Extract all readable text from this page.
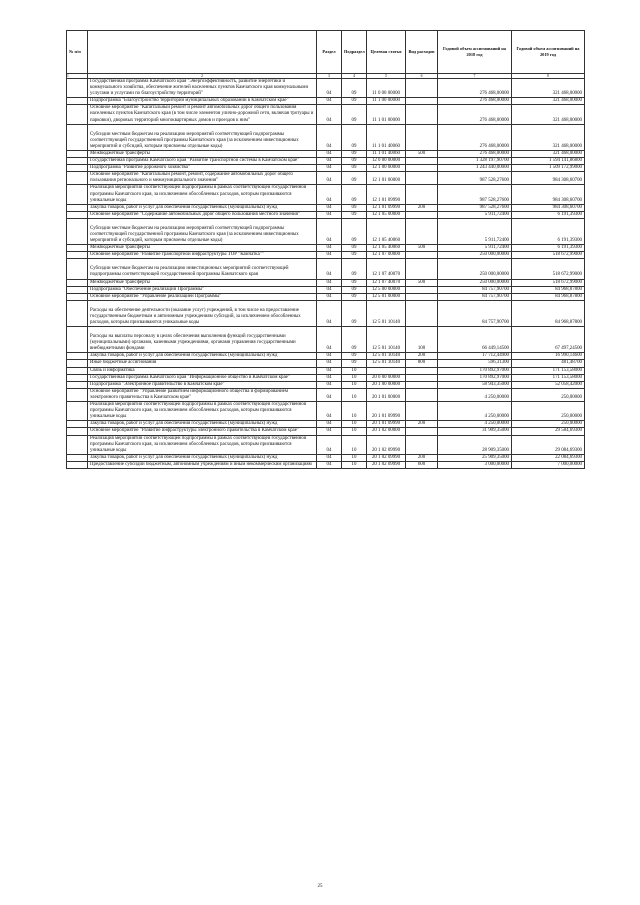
№ п/п		Раздел	Подраздел	Целевая статья	Вид расходов	Годовой объем ассигнований на 2018 год	Годовой объем ассигнований на 2019 год
1	2	3	4	5	6	7	8
	Государственная программа Камчатского края "Энергоэффективность, развитие энергетики и коммунального хозяйства, обеспечение жителей населенных пунктов Камчатского края коммунальными услугами и услугами по благоустройству территорий"	04	09	11 0 00 00000		276 468,00000	321 468,00000
	Подпрограмма "Благоустройство территорий муниципальных образований в Камчатском крае"	04	09	11 1 00 00000		276 468,00000	321 468,00000
	Основное мероприятие "Капитальный ремонт и ремонт автомобильных дорог общего пользования населенных пунктов Камчатского края (в том числе элементов улично-дорожной сети, включая тротуары и парковки), дворовых территорий многоквартирных домов и проездов к ним"	04	09	11 1 01 00000		276 468,00000	321 468,00000

Субсидии местным бюджетам на реализацию мероприятий соответствующей подпрограммы соответствующей государственной программы Камчатского края (за исключением инвестиционных мероприятий и субсидий, которым присвоены отдельные коды)	04	09	11 1 01 40060		276 468,00000	321 468,00000
	Межбюджетные трансферты	04	09	11 1 01 40060	500	276 468,00000	321 468,00000
	Государственная программа Камчатского края "Развитие транспортной системы в Камчатском крае"	04	09	12 0 00 00000		1 328 197,90700	1 594 141,86800
	Подпрограмма "Развитие дорожного хозяйства"	04	09	12 1 00 00000		1 243 440,00000	1 509 172,99000
	Основное мероприятие "Капитальный ремонт, ремонт, содержание автомобильных дорог общего пользования регионального и межмуниципального значения"	04	09	12 1 01 00000		987 528,27600	984 308,60700
	Реализация мероприятий соответствующей подпрограммы в рамках соответствующей государственной программы Камчатского края, за исключением обособленных расходов, которым присваиваются уникальные коды	04	09	12 1 01 09990		987 528,27600	984 308,60700
	Закупка товаров, работ и услуг для обеспечения государственных (муниципальных) нужд	04	09	12 1 01 09990	200	987 528,27600	984 308,60700
	Основное мероприятие "Содержание автомобильных дорог общего пользования местного значения"	04	09	12 1 05 00000		5 911,72400	6 191,39300

Субсидии местным бюджетам на реализацию мероприятий соответствующей подпрограммы соответствующей государственной программы Камчатского края (за исключением инвестиционных мероприятий и субсидий, которым присвоены отдельные коды)	04	09	12 1 05 40060		5 911,72400	6 191,39300
	Межбюджетные трансферты	04	09	12 1 05 40060	500	5 911,72400	6 191,39300
	Основное мероприятие "Развитие транспортной инфраструктуры ТОР "Камчатка""	04	09	12 1 07 00000		250 000,00000	518 672,99000

Субсидии местным бюджетам на реализацию инвестиционных мероприятий соответствующей подпрограммы соответствующей государственной программы Камчатского края	04	09	12 1 07 40070		250 000,00000	518 672,99000
	Межбюджетные трансферты	04	09	12 1 07 40070	500	250 000,00000	518 672,99000
	Подпрограмма "Обеспечение реализации Программы"	04	09	12 5 00 00000		84 757,90700	84 968,87800
	Основное мероприятие "Управление реализацией Программы"	04	09	12 5 01 00000		84 757,90700	84 968,87800

Расходы на обеспечение деятельности (оказание услуг) учреждений, в том числе на предоставление государственным бюджетным и автономным учреждениям субсидий, за исключением обособленных расходов, которым присваиваются уникальные коды	04	09	12 5 01 10140		84 757,90700	84 968,87800

Расходы на выплаты персоналу в целях обеспечения выполнения функций государственными (муниципальными) органами, казенными учреждениями, органами управления государственными внебюджетными фондами	04	09	12 5 01 10140	100	66 449,14500	67 497,24500
	Закупка товаров, работ и услуг для обеспечения государственных (муниципальных) нужд	04	09	12 5 01 10140	200	17 712,44900	16 990,14600
	Иные бюджетные ассигнования	04	09	12 5 01 10140	800	596,31300	481,48700
	Связь и информатика	04	10			170 892,97000	171 153,58000
	Государственная программа Камчатского края "Информационное общество в Камчатском крае"	04	10	20 0 00 00000		170 892,97000	171 153,58000
	Подпрограмма "Электронное правительство в Камчатском крае"	04	10	20 1 00 00000		58 943,35000	52 058,42000
	Основное мероприятие "Управление развитием информационного общества и формированием электронного правительства в Камчатском крае"	04	10	20 1 01 00000		4 250,00000	250,00000
	Реализация мероприятий соответствующей подпрограммы в рамках соответствующей государственной программы Камчатского края, за исключением обособленных расходов, которым присваиваются уникальные коды	04	10	20 1 01 09990		4 250,00000	250,00000
	Закупка товаров, работ и услуг для обеспечения государственных (муниципальных) нужд	04	10	20 1 01 09990	200	4 250,00000	250,00000
	Основное мероприятие "Развитие инфраструктуры электронного правительства в Камчатском крае"	04	10	20 1 02 00000		31 909,35000	29 584,69300
	Реализация мероприятий соответствующей подпрограммы в рамках соответствующей государственной программы Камчатского края, за исключением обособленных расходов, которым присваиваются уникальные коды	04	10	20 1 02 09990		28 909,35000	29 084,69300
	Закупка товаров, работ и услуг для обеспечения государственных (муниципальных) нужд	04	10	20 1 02 09990	200	25 909,35000	22 084,69300
	Предоставление субсидий бюджетным, автономным учреждениям и иным некоммерческим организациям	04	10	20 1 02 09990	600	3 000,00000	7 000,00000
25
